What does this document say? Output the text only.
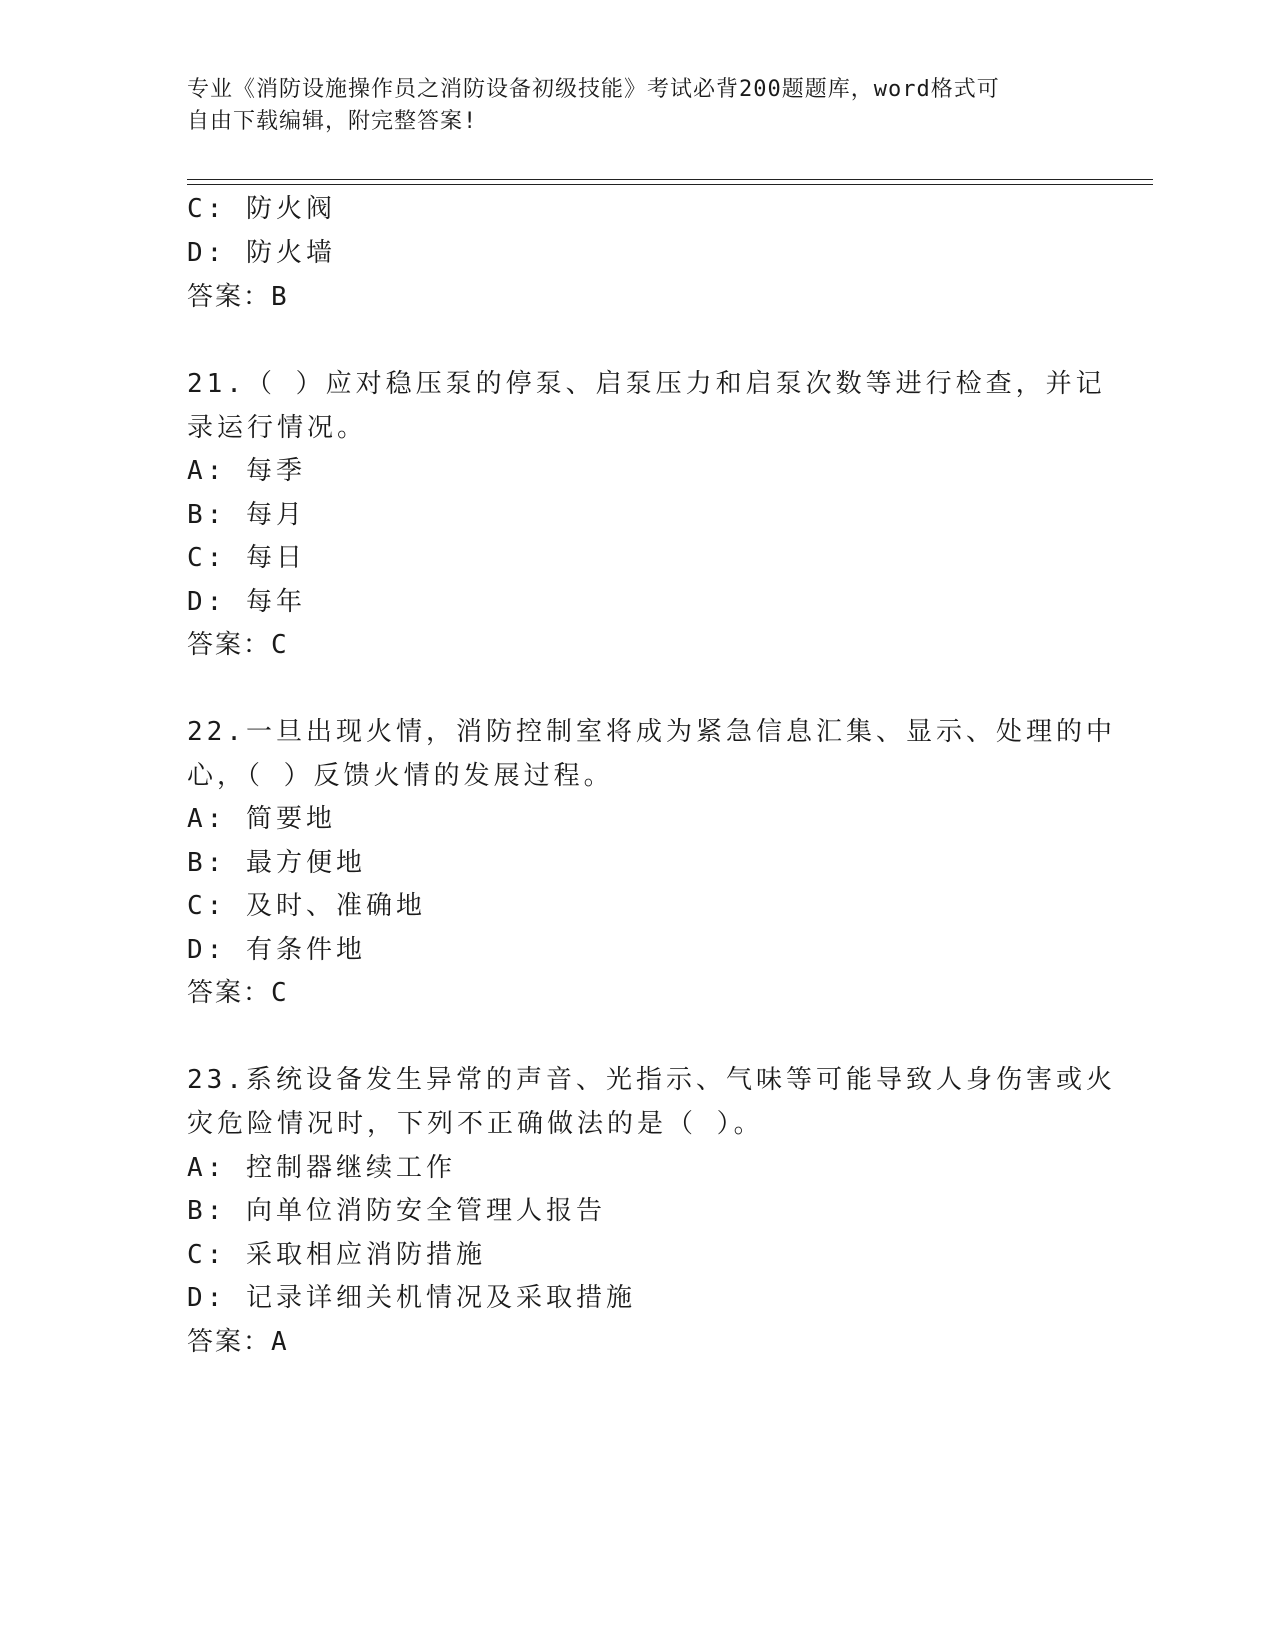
专业《消防设施操作员之消防设备初级技能》考试必背200题题库，word格式可
自由下载编辑，附完整答案!
C: 防火阀
D: 防火墙
答案：B
21.（ ）应对稳压泵的停泵、启泵压力和启泵次数等进行检查，并记
录运行情况。
A: 每季
B: 每月
C: 每日
D: 每年
答案：C
22.一旦出现火情，消防控制室将成为紧急信息汇集、显示、处理的中
心，（ ）反馈火情的发展过程。
A: 简要地
B: 最方便地
C: 及时、准确地
D: 有条件地
答案：C
23.系统设备发生异常的声音、光指示、气味等可能导致人身伤害或火
灾危险情况时，下列不正确做法的是（ ）。
A: 控制器继续工作
B: 向单位消防安全管理人报告
C: 采取相应消防措施
D: 记录详细关机情况及采取措施
答案：A
